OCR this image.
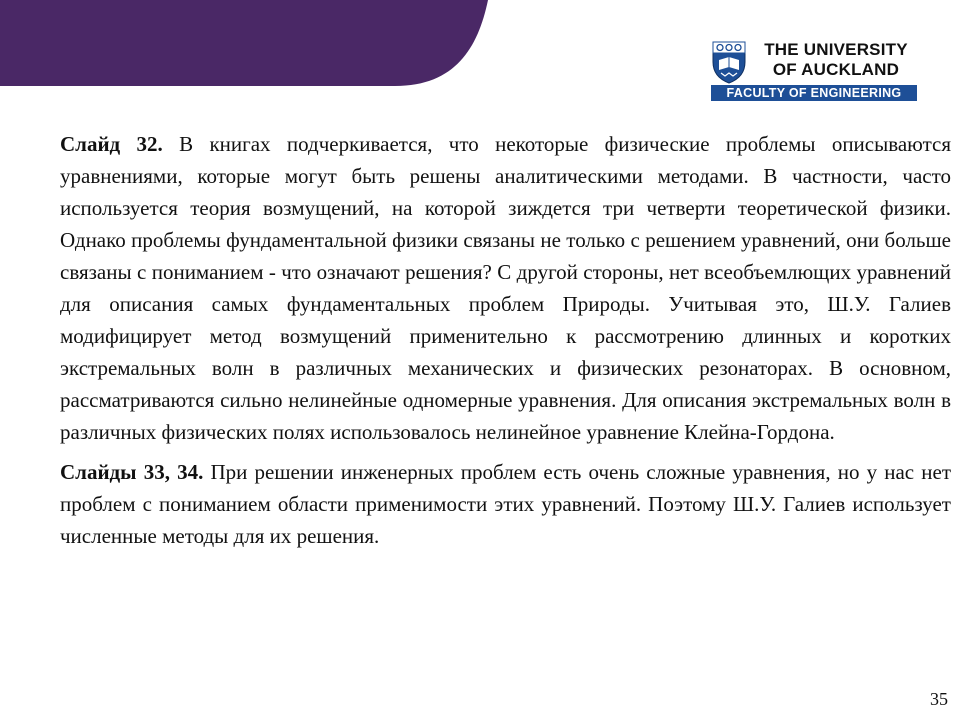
THE UNIVERSITY
OF AUCKLAND
FACULTY OF ENGINEERING

Слайд 32. В книгах подчеркивается, что некоторые физические проблемы описываются уравнениями, которые могут быть решены аналитическими методами. В частности, часто используется теория возмущений, на которой зиждется три четверти теоретической физики. Однако проблемы фундаментальной физики связаны не только с решением уравнений, они больше связаны с пониманием - что означают решения? С другой стороны, нет всеобъемлющих уравнений для описания самых фундаментальных проблем Природы. Учитывая это, Ш.У. Галиев модифицирует метод возмущений применительно к рассмотрению длинных и коротких экстремальных волн в различных механических и физических резонаторах. В основном, рассматриваются сильно нелинейные одномерные уравнения. Для описания экстремальных волн в различных физических полях использовалось нелинейное уравнение Клейна-Гордона.

Слайды 33, 34. При решении инженерных проблем есть очень сложные уравнения, но у нас нет проблем с пониманием области применимости этих уравнений. Поэтому Ш.У. Галиев использует численные методы для их решения.

35
